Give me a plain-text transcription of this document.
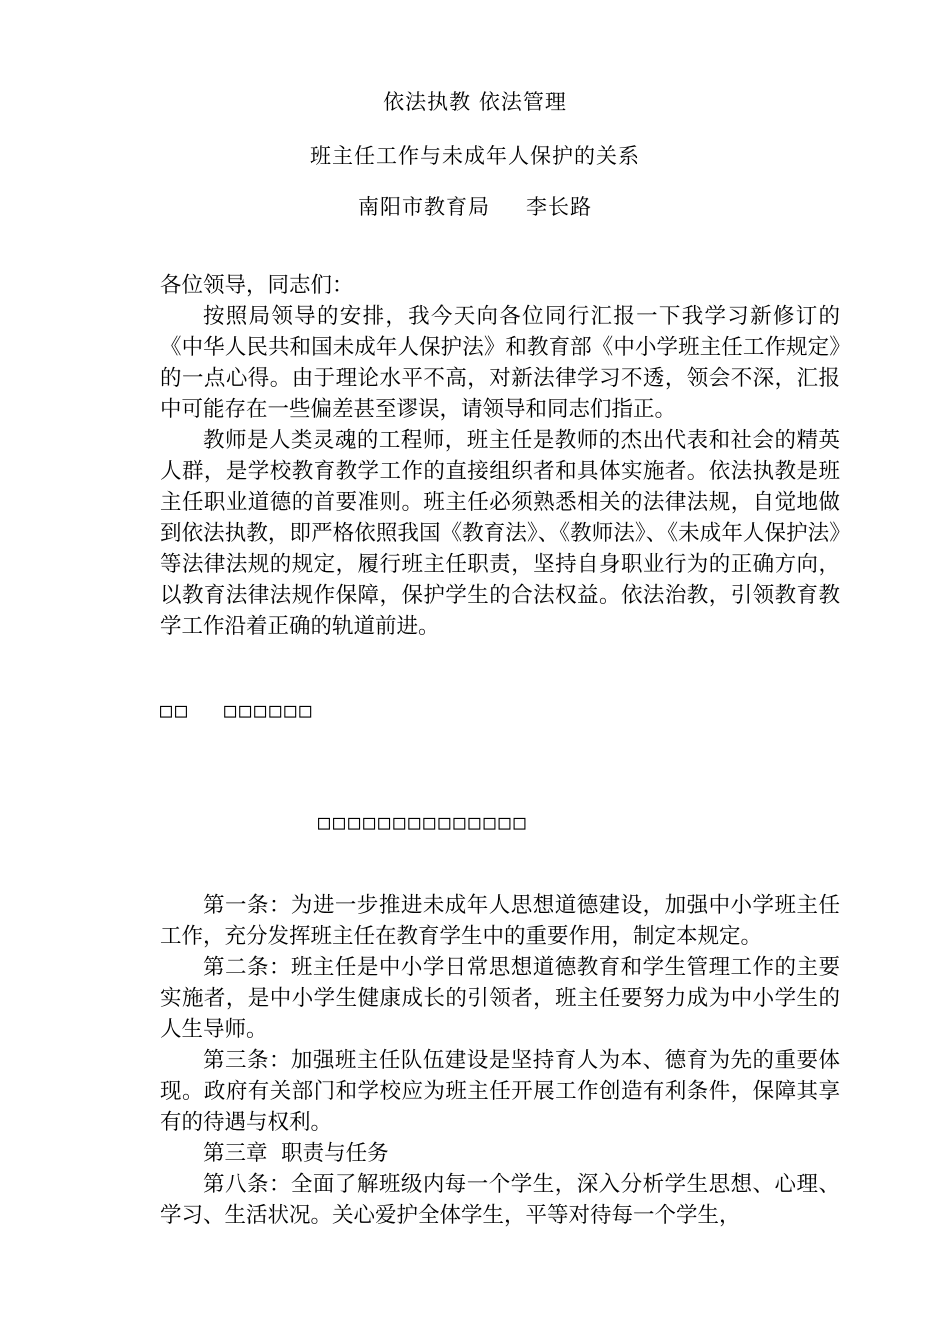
依法执教 依法管理
班主任工作与未成年人保护的关系
南阳市教育局 李长路

各位领导，同志们：

按照局领导的安排，我今天向各位同行汇报一下我学习新修订的《中华人民共和国未成年人保护法》和教育部《中小学班主任工作规定》的一点心得。由于理论水平不高，对新法律学习不透，领会不深，汇报中可能存在一些偏差甚至谬误，请领导和同志们指正。

教师是人类灵魂的工程师，班主任是教师的杰出代表和社会的精英人群，是学校教育教学工作的直接组织者和具体实施者。依法执教是班主任职业道德的首要准则。班主任必须熟悉相关的法律法规，自觉地做到依法执教，即严格依照我国《教育法》、《教师法》、《未成年人保护法》等法律法规的规定，履行班主任职责，坚持自身职业行为的正确方向，以教育法律法规作保障，保护学生的合法权益。依法治教，引领教育教学工作沿着正确的轨道前进。

□□ □□□□□□
□□□□□□□□□□□□□□

第一条：为进一步推进未成年人思想道德建设，加强中小学班主任工作，充分发挥班主任在教育学生中的重要作用，制定本规定。

第二条：班主任是中小学日常思想道德教育和学生管理工作的主要实施者，是中小学生健康成长的引领者，班主任要努力成为中小学生的人生导师。

第三条：加强班主任队伍建设是坚持育人为本、德育为先的重要体现。政府有关部门和学校应为班主任开展工作创造有利条件，保障其享有的待遇与权利。

第三章  职责与任务

第八条：全面了解班级内每一个学生，深入分析学生思想、心理、学习、生活状况。关心爱护全体学生，平等对待每一个学生，
